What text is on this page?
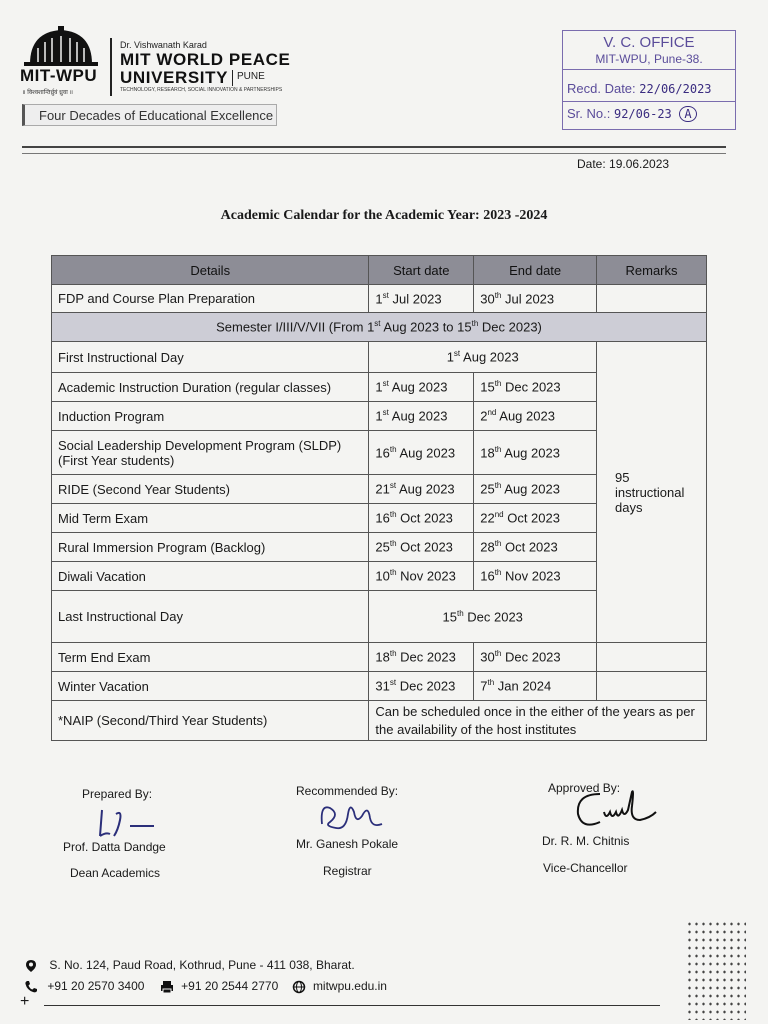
MIT-WPU
॥ विश्वशान्तिर्ध्रुवं ध्रुवा ॥
Dr. Vishwanath Karad
MIT WORLD PEACE
UNIVERSITY PUNE
TECHNOLOGY, RESEARCH, SOCIAL INNOVATION & PARTNERSHIPS
Four Decades of Educational Excellence
V. C. OFFICE
MIT-WPU, Pune-38.
Recd. Date: 22/06/2023
Sr. No.: 92/06-23 A
Date: 19.06.2023
Academic Calendar for the Academic Year: 2023 -2024
Details	Start date	End date	Remarks
FDP and Course Plan Preparation	1st Jul 2023	30th Jul 2023	
Semester I/III/V/VII (From 1st Aug 2023 to 15th Dec 2023)			
First Instructional Day	1st Aug 2023		95 instructional days
Academic Instruction Duration (regular classes)	1st Aug 2023	15th Dec 2023	
Induction Program	1st Aug 2023	2nd Aug 2023	

Social Leadership Development Program (SLDP)
(First Year students)	16th Aug 2023	18th Aug 2023	
RIDE (Second Year Students)	21st Aug 2023	25th Aug 2023	
Mid Term Exam	16th Oct 2023	22nd Oct 2023	
Rural Immersion Program (Backlog)	25th Oct 2023	28th Oct 2023	
Diwali Vacation	10th Nov 2023	16th Nov 2023	
Last Instructional Day	15th Dec 2023		
Term End Exam	18th Dec 2023	30th Dec 2023	
Winter Vacation	31st Dec 2023	7th Jan 2024	
*NAIP (Second/Third Year Students)	Can be scheduled once in the either of the years as per the availability of the host institutes		
Prepared By:
Prof. Datta Dandge
Dean Academics
Recommended By:
Mr. Ganesh Pokale
Registrar
Approved By:
Dr. R. M. Chitnis
Vice-Chancellor
S. No. 124, Paud Road, Kothrud, Pune - 411 038, Bharat.
+91 20 2570 3400	+91 20 2544 2770	mitwpu.edu.in
+
